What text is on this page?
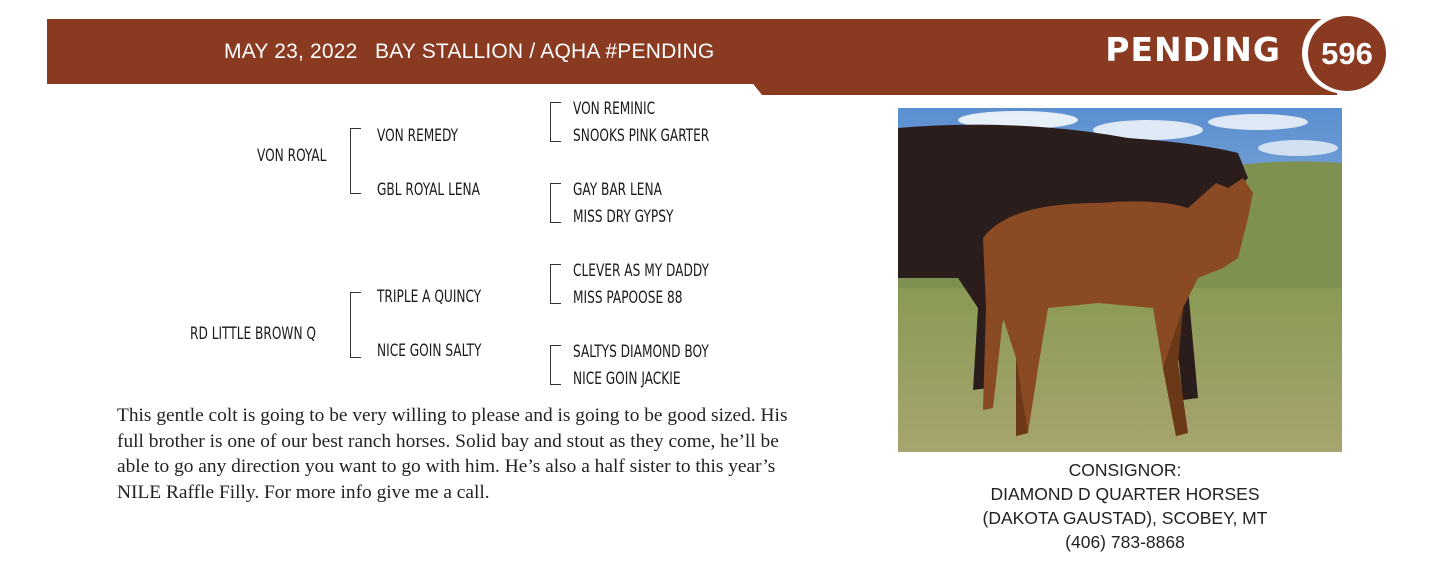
MAY 23, 2022 BAY STALLION / AQHA #PENDING	PENDING	596
VON ROYAL
RD LITTLE BROWN Q
VON REMEDY
GBL ROYAL LENA
TRIPLE A QUINCY
NICE GOIN SALTY
VON REMINIC
SNOOKS PINK GARTER
GAY BAR LENA
MISS DRY GYPSY
CLEVER AS MY DADDY
MISS PAPOOSE 88
SALTYS DIAMOND BOY
NICE GOIN JACKIE
This gentle colt is going to be very willing to please and is going to be good sized. His
full brother is one of our best ranch horses. Solid bay and stout as they come, he’ll be
able to go any direction you want to go with him. He’s also a half sister to this year’s
NILE Raffle Filly. For more info give me a call.
CONSIGNOR:
DIAMOND D QUARTER HORSES
(DAKOTA GAUSTAD), SCOBEY, MT
(406) 783-8868
